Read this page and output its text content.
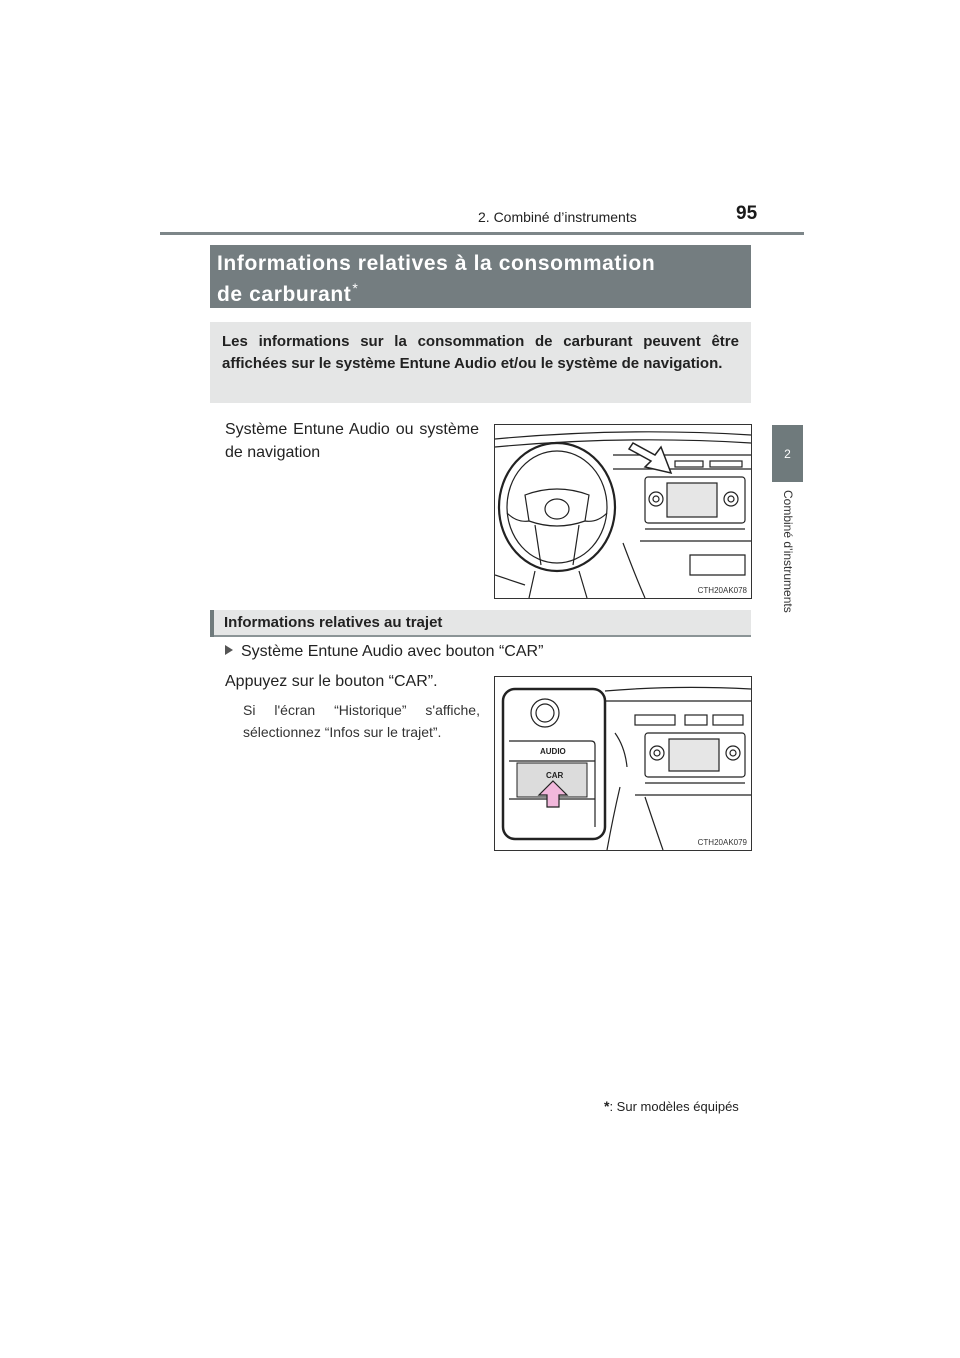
2. Combiné d’instruments	95
2
Combiné d’instruments
Informations relatives à la consommation
de carburant*
Les informations sur la consommation de carburant peuvent être affichées sur le système Entune Audio et/ou le système de navigation.
Système Entune Audio ou système de navigation
CTH20AK078
Informations relatives au trajet
Système Entune Audio avec bouton “CAR”
Appuyez sur le bouton “CAR”.
Si l'écran “Historique” s'affiche, sélectionnez “Infos sur le trajet”.
AUDIO
CAR
CTH20AK079
*: Sur modèles équipés
